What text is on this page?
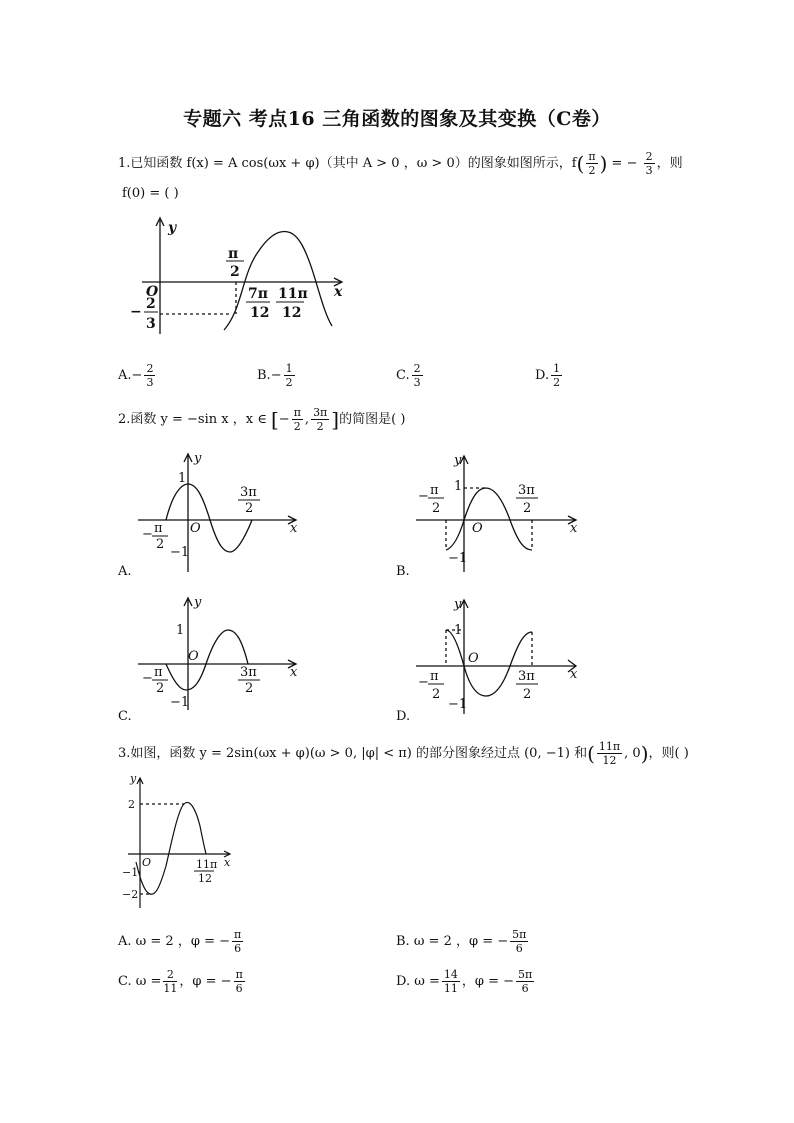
专题六 考点16 三角函数的图象及其变换（C卷）
1.已知函数 f(x) = A cos(ωx + φ)（其中 A > 0 ，ω > 0）的图象如图所示，$f( \frac{\pi}{2}$ ) = − $\frac{2}{3}$ ，则
f(0) = ( )
y
x
O
π
2
− 2
3
7π
12
11π
12
$A.- \frac{2}{3}$	$B.- \frac{1}{2}$	C. $\frac{2}{3}$	D. $\frac{1}{2}$
2.函数 y = −sin x ，x ∈ [− $\frac{\pi}{2}$ , $\frac{3\pi}{2}$ ]的简图是( )
y
x
O
1
−1
− π
2
3π
2
A.
y
x
O
1
−1
− π
2
3π
2
B.
y
x
O
1
−1
− π
2
3π
2
C.
y
x
O
1
−1
− π
2
3π
2
D.
3.如图，函数 y = 2sin(ωx + φ)(ω > 0, |φ| < π) 的部分图象经过点 (0, −1) 和( $\frac{11\pi}{12}$ , 0)，则( )
y
x
O
2
−1
−2
11π
12
A. ω = 2 ，φ = − $\frac{\pi}{6}$	B. ω = 2 ，φ = − $\frac{5\pi}{6}$
C. $\omega = \frac{2}{11}$ ，φ = − $\frac{\pi}{6}$	D. $\omega = \frac{14}{11}$ ，φ = − $\frac{5\pi}{6}$
